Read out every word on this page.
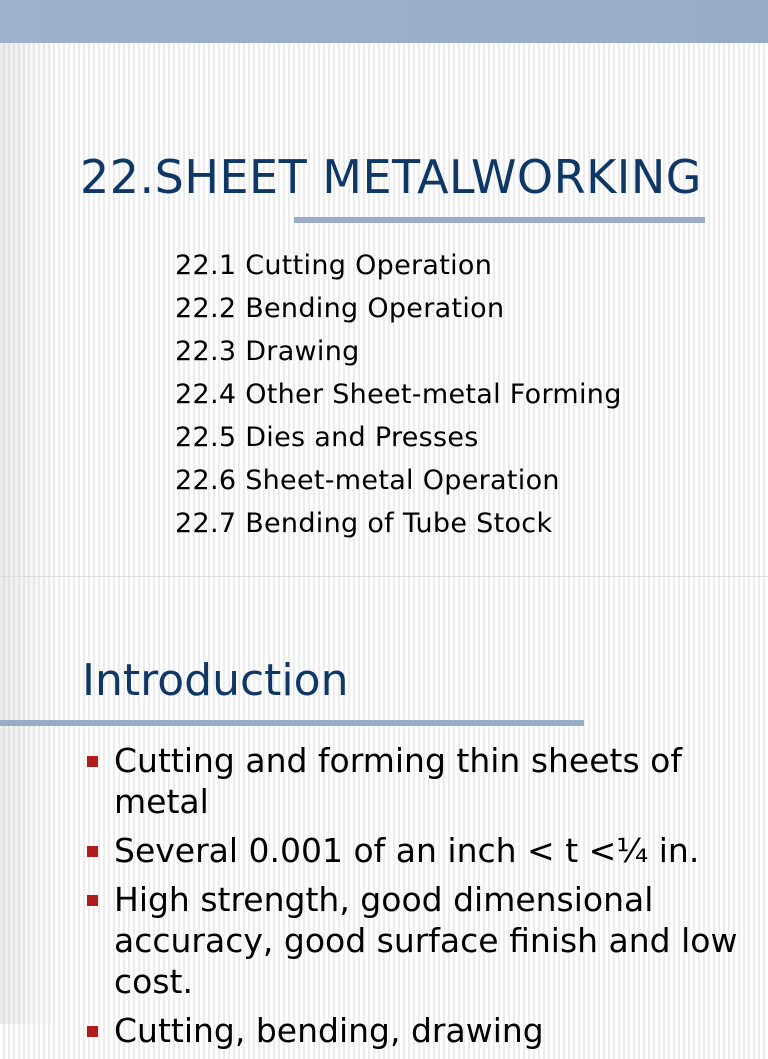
22.SHEET METALWORKING
22.1 Cutting Operation
22.2 Bending Operation
22.3 Drawing
22.4 Other Sheet-metal Forming
22.5 Dies and Presses
22.6 Sheet-metal Operation
22.7 Bending of Tube Stock
Introduction
Cutting and forming thin sheets of metal
Several 0.001 of an inch < t <¼ in.
High strength, good dimensional accuracy, good surface finish and low cost.
Cutting, bending, drawing
